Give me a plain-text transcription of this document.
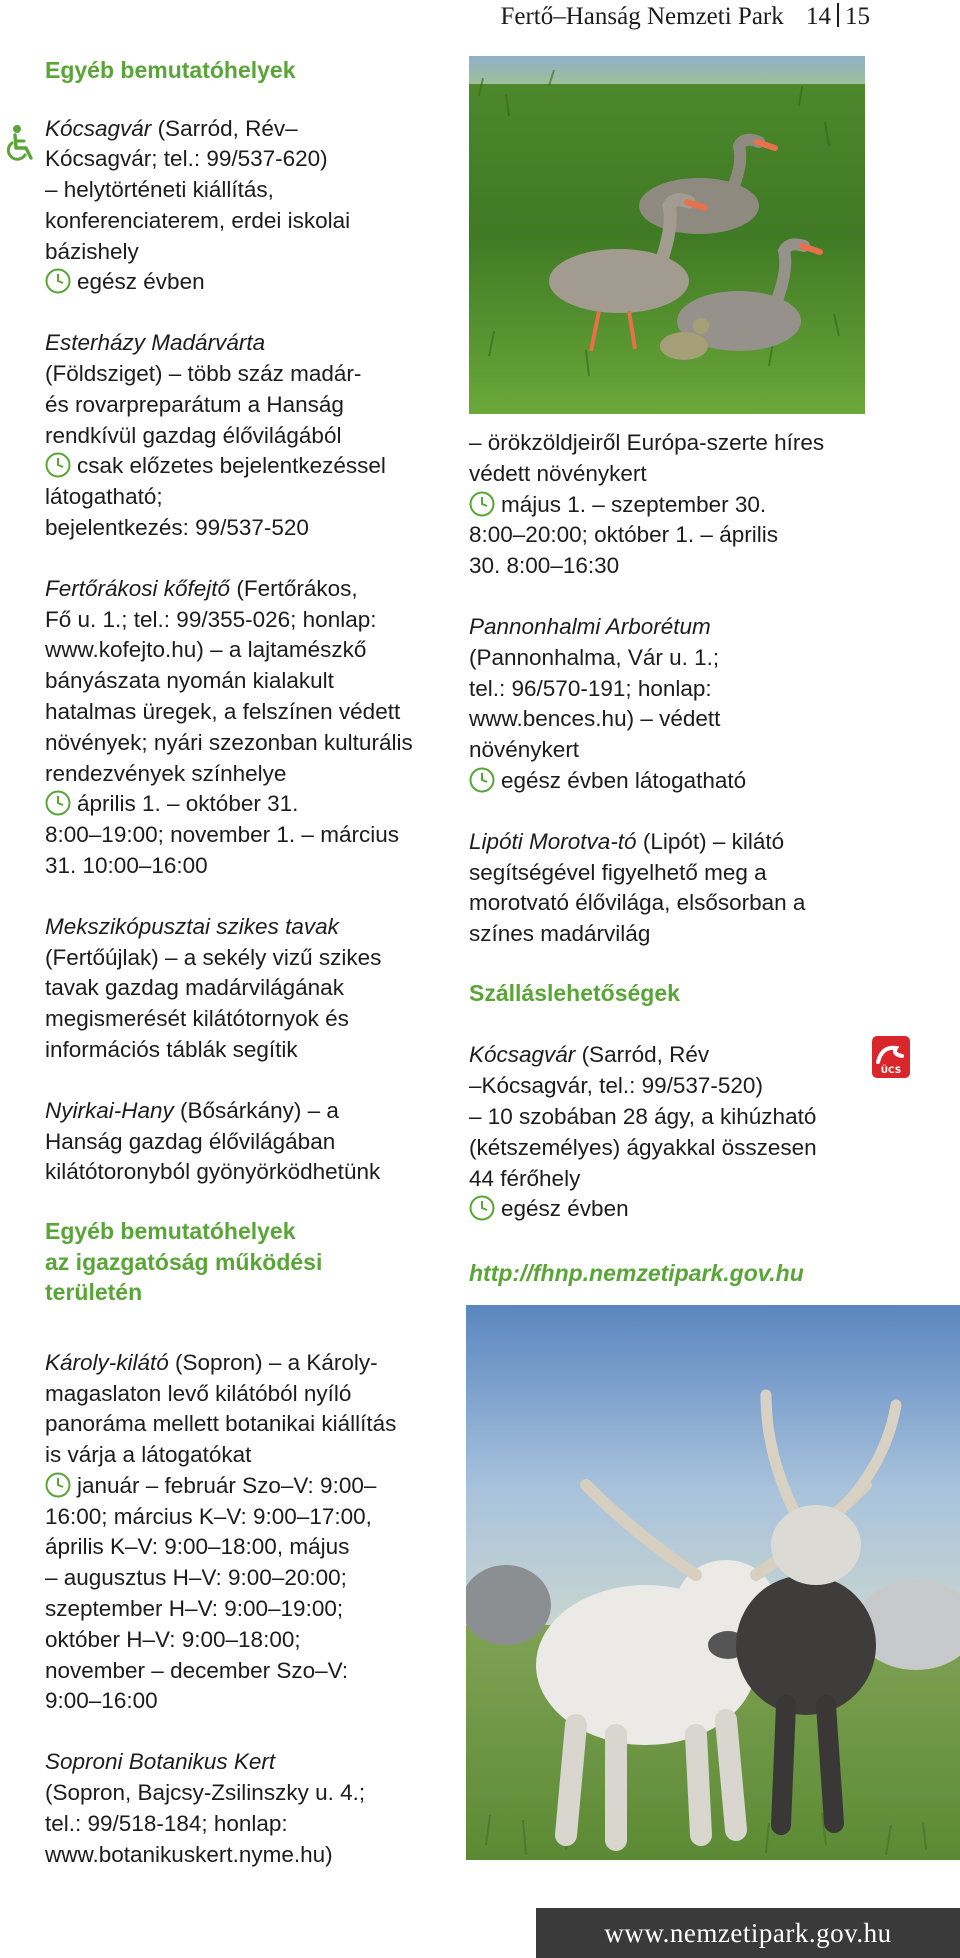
Fertő–Hanság Nemzeti Park 14 15

Egyéb bemutatóhelyek

Kócsagvár (Sarród, Rév–
Kócsagvár; tel.: 99/537-620)
– helytörténeti kiállítás,
konferenciaterem, erdei iskolai
bázishely

egész évben
Esterházy Madárvárta
(Földsziget) – több száz madár-
és rovarpreparátum a Hanság
rendkívül gazdag élővilágából

csak előzetes bejelentkezéssel
látogatható;
bejelentkezés: 99/537-520
Fertőrákosi kőfejtő (Fertőrákos,
Fő u. 1.; tel.: 99/355-026; honlap:
www.kofejto.hu) – a lajtamészkő
bányászata nyomán kialakult
hatalmas üregek, a felszínen védett
növények; nyári szezonban kulturális
rendezvények színhelye

április 1. – október 31.
8:00–19:00; november 1. – március
31. 10:00–16:00
Mekszikópusztai szikes tavak
(Fertőújlak) – a sekély vizű szikes
tavak gazdag madárvilágának
megismerését kilátótornyok és
információs táblák segítik
Nyirkai-Hany (Bősárkány) – a
Hanság gazdag élővilágában
kilátótoronyból gyönyörködhetünk

Egyéb bemutatóhelyek
az igazgatóság működési
területén

Károly-kilátó (Sopron) – a Károly-
magaslaton levő kilátóból nyíló
panoráma mellett botanikai kiállítás
is várja a látogatókat

január – február Szo–V: 9:00–
16:00; március K–V: 9:00–17:00,
április K–V: 9:00–18:00, május
– augusztus H–V: 9:00–20:00;
szeptember H–V: 9:00–19:00;
október H–V: 9:00–18:00;
november – december Szo–V:
9:00–16:00
Soproni Botanikus Kert
(Sopron, Bajcsy-Zsilinszky u. 4.;
tel.: 99/518-184; honlap:
www.botanikuskert.nyme.hu)
– örökzöldjeiről Európa-szerte híres
védett növénykert

május 1. – szeptember 30.
8:00–20:00; október 1. – április
30. 8:00–16:30
Pannonhalmi Arborétum
(Pannonhalma, Vár u. 1.;
tel.: 96/570-191; honlap:
www.bences.hu) – védett
növénykert

egész évben látogatható
Lipóti Morotva-tó (Lipót) – kilátó
segítségével figyelhető meg a
morotvató élővilága, elsősorban a
színes madárvilág

Szálláslehetőségek

Kócsagvár (Sarród, Rév
–Kócsagvár, tel.: 99/537-520)
– 10 szobában 28 ágy, a kihúzható
(kétszemélyes) ágyakkal összesen
44 férőhely

egész évben
http://fhnp.nemzetipark.gov.hu
ÜCS
www.nemzetipark.gov.hu
